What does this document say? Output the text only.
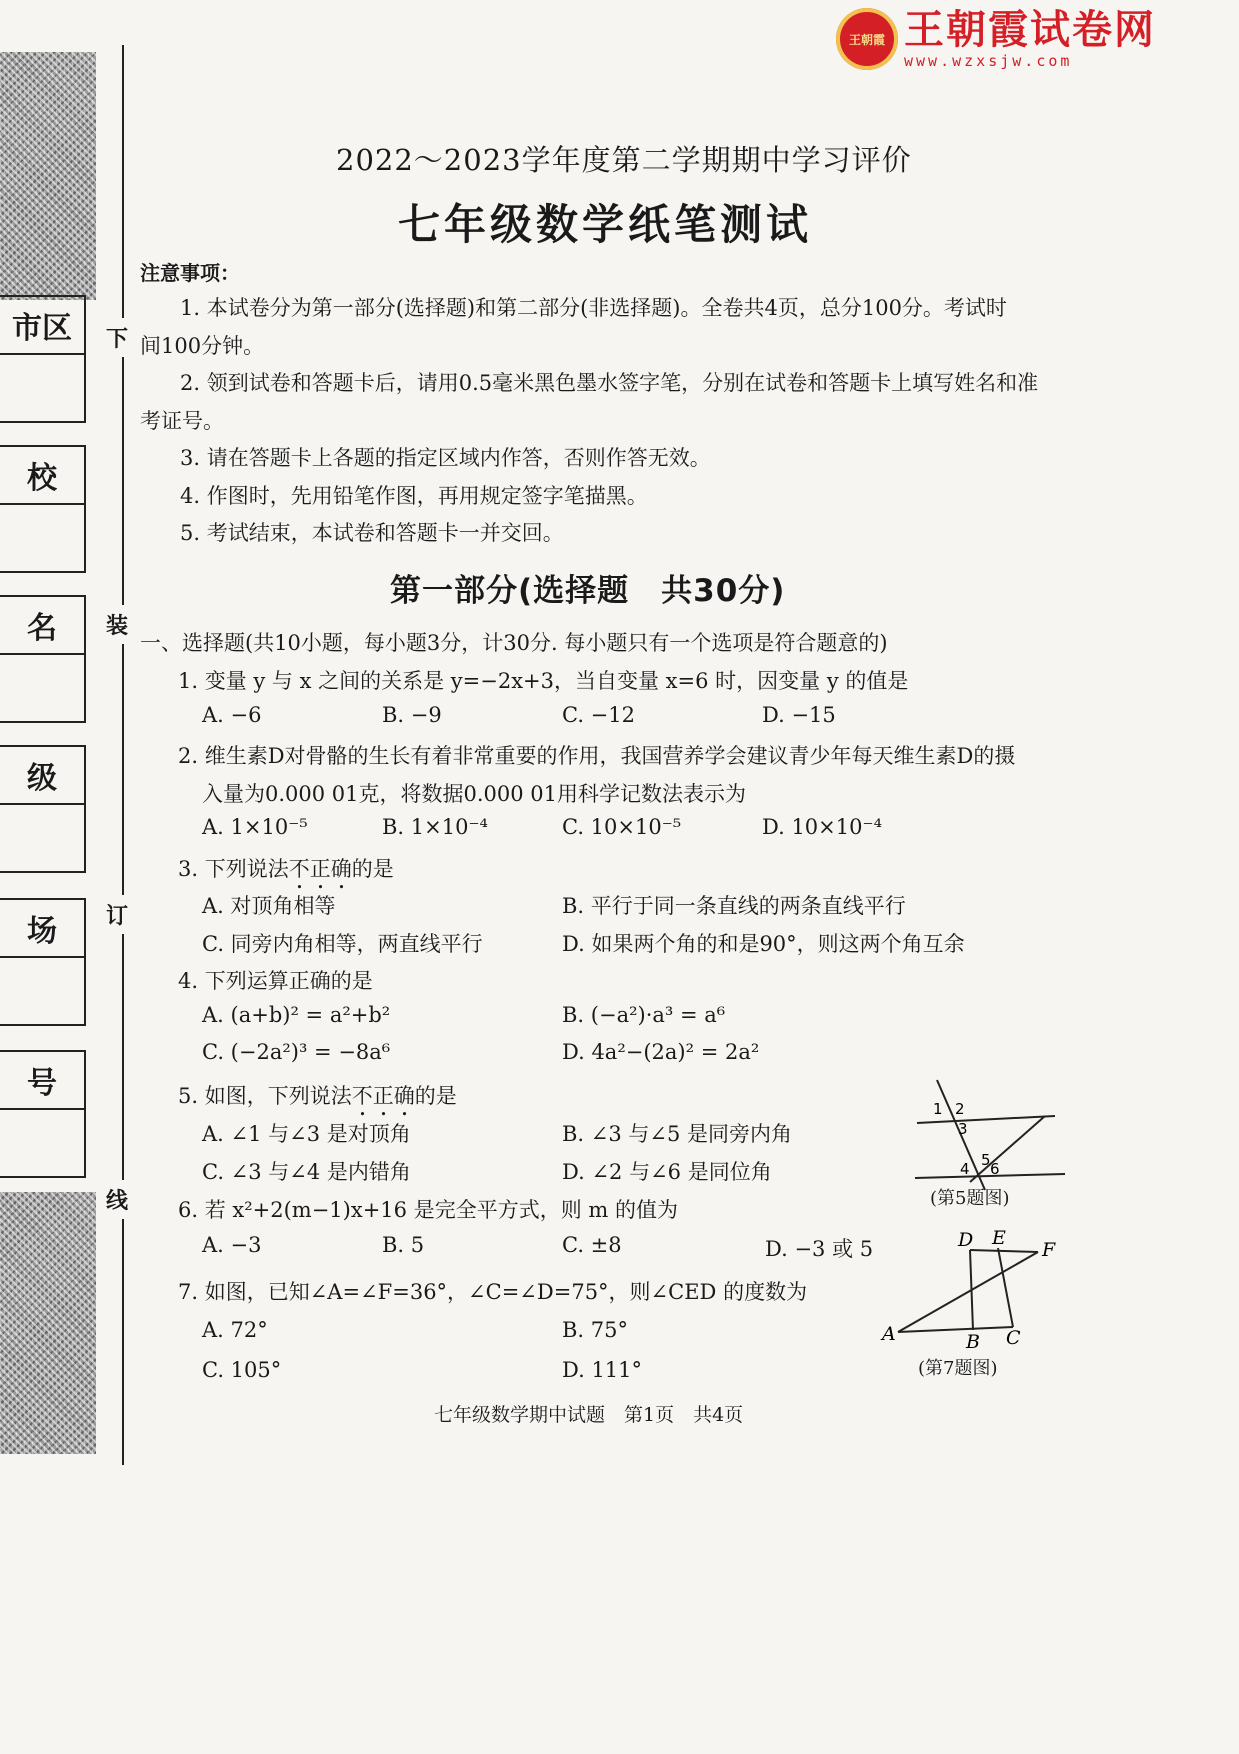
市区
校
名
级
场
号
下
装
订
线
王朝霞 王朝霞试卷网
www.wzxsjw.com
2022～2023学年度第二学期期中学习评价
七年级数学纸笔测试
注意事项：
1. 本试卷分为第一部分(选择题)和第二部分(非选择题)。全卷共4页，总分100分。考试时
间100分钟。
2. 领到试卷和答题卡后，请用0.5毫米黑色墨水签字笔，分别在试卷和答题卡上填写姓名和准
考证号。
3. 请在答题卡上各题的指定区域内作答，否则作答无效。
4. 作图时，先用铅笔作图，再用规定签字笔描黑。
5. 考试结束，本试卷和答题卡一并交回。
第一部分(选择题　共30分)
一、选择题(共10小题，每小题3分，计30分. 每小题只有一个选项是符合题意的)
1. 变量 y 与 x 之间的关系是 y=−2x+3，当自变量 x=6 时，因变量 y 的值是
A. −6	B. −9	C. −12	D. −15
2. 维生素D对骨骼的生长有着非常重要的作用，我国营养学会建议青少年每天维生素D的摄
入量为0.000 01克，将数据0.000 01用科学记数法表示为
A. 1×10⁻⁵	B. 1×10⁻⁴	C. 10×10⁻⁵	D. 10×10⁻⁴
3. 下列说法不正确的是
A. 对顶角相等	B. 平行于同一条直线的两条直线平行
C. 同旁内角相等，两直线平行	D. 如果两个角的和是90°，则这两个角互余
4. 下列运算正确的是
A. (a+b)² = a²+b²	B. (−a²)·a³ = a⁶
C. (−2a²)³ = −8a⁶	D. 4a²−(2a)² = 2a²
5. 如图，下列说法不正确的是
A. ∠1 与∠3 是对顶角	B. ∠3 与∠5 是同旁内角
C. ∠3 与∠4 是内错角	D. ∠2 与∠6 是同位角
1 2
3
4 5 6
(第5题图)
6. 若 x²+2(m−1)x+16 是完全平方式，则 m 的值为
A. −3	B. 5	C. ±8	D. −3 或 5
7. 如图，已知∠A=∠F=36°，∠C=∠D=75°，则∠CED 的度数为
A. 72°	B. 75°
C. 105°	D. 111°
D E
F
A	B C
(第7题图)
七年级数学期中试题　第1页　共4页
